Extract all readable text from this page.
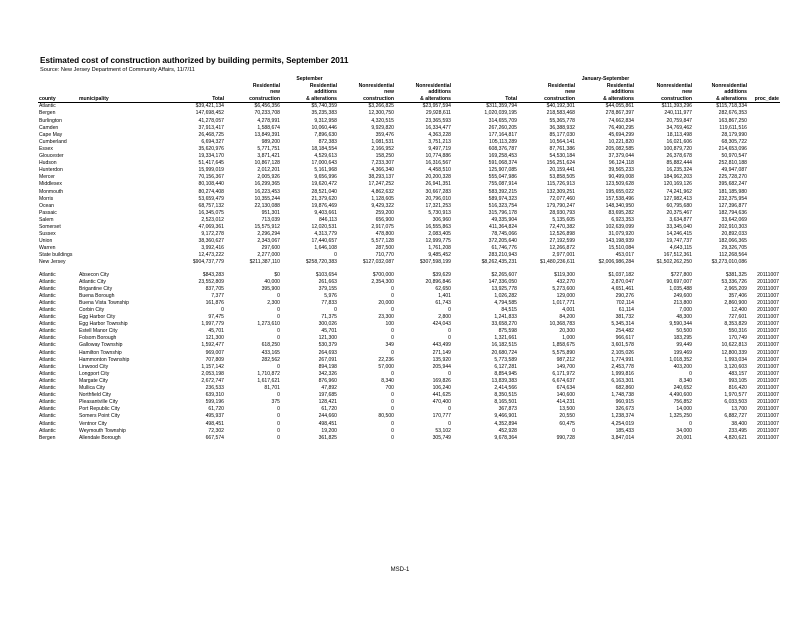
Estimated cost of construction authorized by building permits, September 2011
Source: New Jersey Department of Community Affairs, 11/7/11
				September					January-September			
			Residential	Residential	Nonresidential	Nonresidential		Residential	Residential	Nonresidential	Nonresidential	
			new	additions	new	additions		new	additions	new	additions	
county	municipality	Total	construction	& alterations	construction	& alterations	Total	construction	& alterations	construction	& alterations	proc_date
Atlantic		$39,421,134	$6,456,356	$5,740,359	$3,266,825	$23,957,594	$311,359,794	$40,192,301	$44,055,861	$111,393,296	$115,718,334	
Bergen		147,698,452	70,233,708	35,235,383	12,300,750	29,928,611	1,020,039,195	218,583,468	278,867,397	240,111,977	282,676,353	
Burlington		41,278,057	4,278,991	9,312,958	4,320,515	23,365,593	314,655,709	55,365,778	74,662,834	20,759,847	163,867,250	
Camden		37,913,417	1,588,674	10,060,446	9,929,820	16,334,477	267,260,205	36,388,932	76,490,295	34,769,462	119,611,516	
Cape May		26,468,725	13,849,391	7,896,630	359,476	4,363,228	177,164,817	85,177,030	45,694,299	18,113,498	28,179,990	
Cumberland		6,694,327	989,200	872,383	1,081,531	3,751,213	105,113,289	10,564,141	10,221,820	16,021,606	68,305,722	
Essex		35,620,976	5,771,751	18,184,554	2,166,952	9,497,719	608,376,787	87,761,386	205,082,585	100,879,720	214,653,096	
Gloucester		19,334,170	3,871,421	4,529,613	158,250	10,774,886	169,258,453	54,530,184	37,379,044	26,378,678	50,970,547	
Hudson		51,417,645	10,867,128	17,000,643	7,233,307	16,316,567	591,068,374	156,251,624	96,124,118	85,882,444	252,810,188	
Hunterdon		15,999,019	2,012,201	5,161,968	4,366,340	4,458,510	125,907,085	20,159,441	39,565,233	16,235,324	49,947,087	
Mercer		70,156,367	2,005,926	9,656,996	38,293,137	20,200,328	555,047,986	53,858,505	90,499,008	184,962,203	225,728,270	
Middlesex		80,108,440	16,299,365	19,620,472	17,247,252	26,941,351	755,087,914	115,726,913	123,509,628	120,169,126	395,682,247	
Monmouth		80,274,408	16,223,453	28,521,040	4,862,632	30,667,283	583,392,215	132,309,251	195,655,022	74,241,962	181,185,980	
Morris		53,659,479	10,355,244	21,379,620	1,128,605	20,796,010	589,974,323	72,077,460	157,538,496	127,982,413	232,375,954	
Ocean		68,757,132	22,130,088	19,876,469	9,429,322	17,321,253	516,323,754	179,790,247	148,340,950	60,795,680	127,396,877	
Passaic		16,345,075	951,301	9,403,661	259,200	5,730,913	315,796,178	28,930,793	83,695,282	20,375,467	182,794,636	
Salem		2,523,012	713,039	846,113	656,900	306,960	49,335,904	5,135,605	6,923,353	3,634,877	33,642,069	
Somerset		47,069,361	15,575,912	12,020,531	2,917,075	16,555,863	411,364,824	72,470,382	102,639,099	33,345,040	202,910,303	
Sussex		9,172,278	2,296,294	4,313,779	478,800	2,083,405	78,745,066	12,526,898	31,079,920	14,246,415	20,892,033	
Union		38,360,627	2,343,067	17,440,657	5,577,128	12,999,775	372,205,640	27,192,599	143,198,939	19,747,737	182,066,365	
Warren		3,992,416	297,600	1,646,108	287,500	1,761,208	61,746,776	12,266,872	15,510,084	4,643,115	29,326,705	
State buildings		12,473,222	2,277,000	0	710,770	9,485,452	283,210,943	2,977,001	453,017	167,512,361	112,268,564	
New Jersey		$904,737,779	$211,387,110	$258,720,383	$127,032,087	$307,598,199	$8,262,435,231	$1,480,236,611	$2,006,986,284	$1,502,262,250	$3,273,010,086	

Atlantic	Absecon City	$843,283	$0	$103,654	$700,000	$39,629	$2,265,607	$119,300	$1,037,182	$727,800	$381,325	20111007
Atlantic	Atlantic City	23,552,809	40,000	261,663	2,354,300	20,896,846	147,336,050	432,270	2,870,047	90,697,007	53,336,726	20111007
Atlantic	Brigantine City	837,705	395,900	379,155	0	62,650	13,925,778	5,273,600	4,651,461	1,035,488	2,965,209	20111007
Atlantic	Buena Borough	7,377	0	5,976	0	1,401	1,026,282	129,000	290,276	249,600	357,406	20111007
Atlantic	Buena Vista Township	161,876	2,300	77,833	20,000	61,743	4,794,585	1,017,771	702,114	213,800	2,860,900	20111007
Atlantic	Corbin City	0	0	0	0	0	84,515	4,001	61,114	7,000	12,400	20111007
Atlantic	Egg Harbor City	97,475	0	71,375	23,300	2,800	1,241,833	84,200	381,732	48,300	727,601	20111007
Atlantic	Egg Harbor Township	1,997,779	1,273,610	300,026	100	424,043	33,658,270	10,368,783	5,345,314	9,590,344	8,353,829	20111007
Atlantic	Estell Manor City	45,701	0	45,701	0	0	875,598	20,300	254,482	50,500	550,316	20111007
Atlantic	Folsom Borough	121,300	0	121,300	0	0	1,321,661	1,000	966,617	183,295	170,749	20111007
Atlantic	Galloway Township	1,592,477	618,250	530,379	349	443,499	16,182,515	1,858,675	3,601,578	99,449	10,622,813	20111007
Atlantic	Hamilton Township	969,007	433,165	264,693	0	271,149	20,680,724	5,575,890	2,105,026	199,469	12,800,339	20111007
Atlantic	Hammonton Township	707,809	282,562	267,091	22,236	135,920	5,773,589	987,212	1,774,991	1,018,352	1,993,034	20111007
Atlantic	Linwood City	1,157,142	0	894,198	57,000	205,944	6,127,281	149,700	2,453,778	403,200	3,120,603	20111007
Atlantic	Longport City	2,053,198	1,710,872	342,326	0	0	8,854,945	6,171,972	1,999,816	0	483,157	20111007
Atlantic	Margate City	2,672,747	1,617,621	876,960	8,340	169,826	13,839,383	6,674,637	6,163,301	8,340	993,105	20111007
Atlantic	Mullica City	236,533	81,701	47,892	700	106,240	2,414,566	674,634	682,860	240,652	816,420	20111007
Atlantic	Northfield City	639,310	0	197,685	0	441,625	8,350,515	140,600	1,748,738	4,490,600	1,970,577	20111007
Atlantic	Pleasantville City	599,196	375	128,421	0	470,400	8,165,501	414,231	960,915	756,852	6,033,503	20111007
Atlantic	Port Republic City	61,720	0	61,720	0	0	367,873	13,500	326,673	14,000	13,700	20111007
Atlantic	Somers Point City	495,937	0	244,660	80,500	170,777	9,466,901	20,550	1,238,374	1,325,250	6,882,727	20111007
Atlantic	Ventnor City	498,451	0	498,451	0	0	4,352,894	60,475	4,254,019	0	38,400	20111007
Atlantic	Weymouth Township	72,302	0	19,200	0	53,102	452,928	0	185,433	34,000	233,495	20111007
Bergen	Allendale Borough	667,574	0	361,825	0	305,749	9,678,364	990,728	3,847,014	20,001	4,820,621	20111007
MSD-1
